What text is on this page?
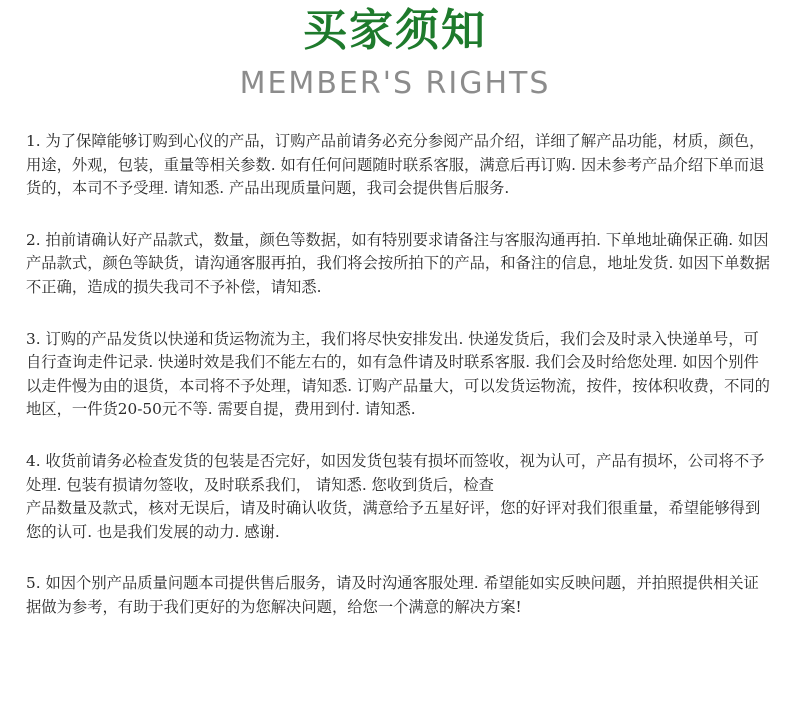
买家须知
MEMBER'S RIGHTS

1. 为了保障能够订购到心仪的产品，订购产品前请务必充分参阅产品介绍，详细了解产品功能，材质，颜色，用途，外观，包装，重量等相关参数. 如有任何问题随时联系客服，满意后再订购. 因未参考产品介绍下单而退货的，本司不予受理. 请知悉. 产品出现质量问题，我司会提供售后服务.

2. 拍前请确认好产品款式，数量，颜色等数据，如有特别要求请备注与客服沟通再拍. 下单地址确保正确. 如因产品款式，颜色等缺货，请沟通客服再拍，我们将会按所拍下的产品，和备注的信息，地址发货. 如因下单数据不正确，造成的损失我司不予补偿，请知悉.

3. 订购的产品发货以快递和货运物流为主，我们将尽快安排发出. 快递发货后，我们会及时录入快递单号，可自行查询走件记录. 快递时效是我们不能左右的，如有急件请及时联系客服. 我们会及时给您处理. 如因个别件以走件慢为由的退货，本司将不予处理，请知悉. 订购产品量大，可以发货运物流，按件，按体积收费，不同的地区，一件货20-50元不等. 需要自提，费用到付. 请知悉.

4. 收货前请务必检查发货的包装是否完好，如因发货包装有损坏而签收，视为认可，产品有损坏，公司将不予处理. 包装有损请勿签收，及时联系我们， 请知悉. 您收到货后，检查
产品数量及款式，核对无误后，请及时确认收货，满意给予五星好评，您的好评对我们很重量，希望能够得到您的认可. 也是我们发展的动力. 感谢.

5. 如因个别产品质量问题本司提供售后服务，请及时沟通客服处理. 希望能如实反映问题，并拍照提供相关证据做为参考，有助于我们更好的为您解决问题，给您一个满意的解决方案!
